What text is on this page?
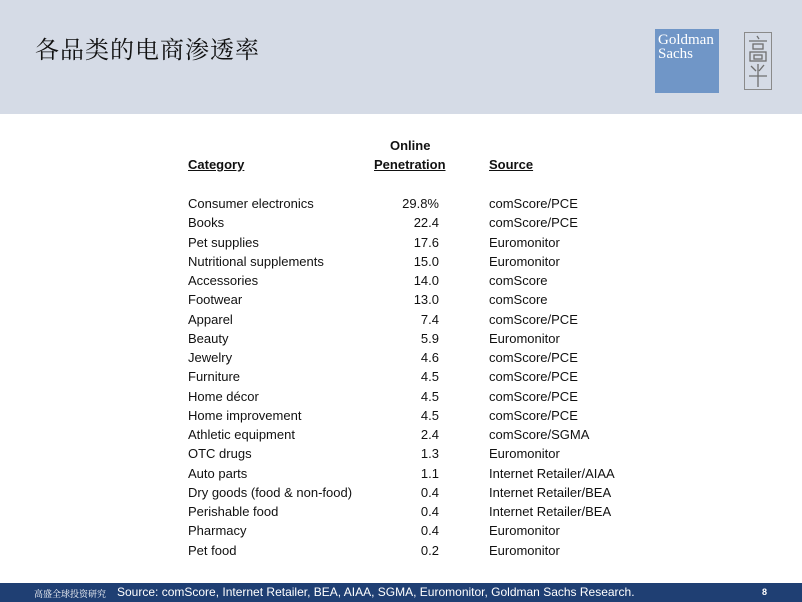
各品类的电商渗透率	Goldman
Sachs
Online
Category	Penetration	Source
Consumer electronics	29.8%	comScore/PCE
Books	22.4	comScore/PCE
Pet supplies	17.6	Euromonitor
Nutritional supplements	15.0	Euromonitor
Accessories	14.0	comScore
Footwear	13.0	comScore
Apparel	7.4	comScore/PCE
Beauty	5.9	Euromonitor
Jewelry	4.6	comScore/PCE
Furniture	4.5	comScore/PCE
Home décor	4.5	comScore/PCE
Home improvement	4.5	comScore/PCE
Athletic equipment	2.4	comScore/SGMA
OTC drugs	1.3	Euromonitor
Auto parts	1.1	Internet Retailer/AIAA
Dry goods (food & non-food)	0.4	Internet Retailer/BEA
Perishable food	0.4	Internet Retailer/BEA
Pharmacy	0.4	Euromonitor
Pet food	0.2	Euromonitor
高盛全球投资研究 Source: comScore, Internet Retailer, BEA, AIAA, SGMA, Euromonitor, Goldman Sachs Research.	8
